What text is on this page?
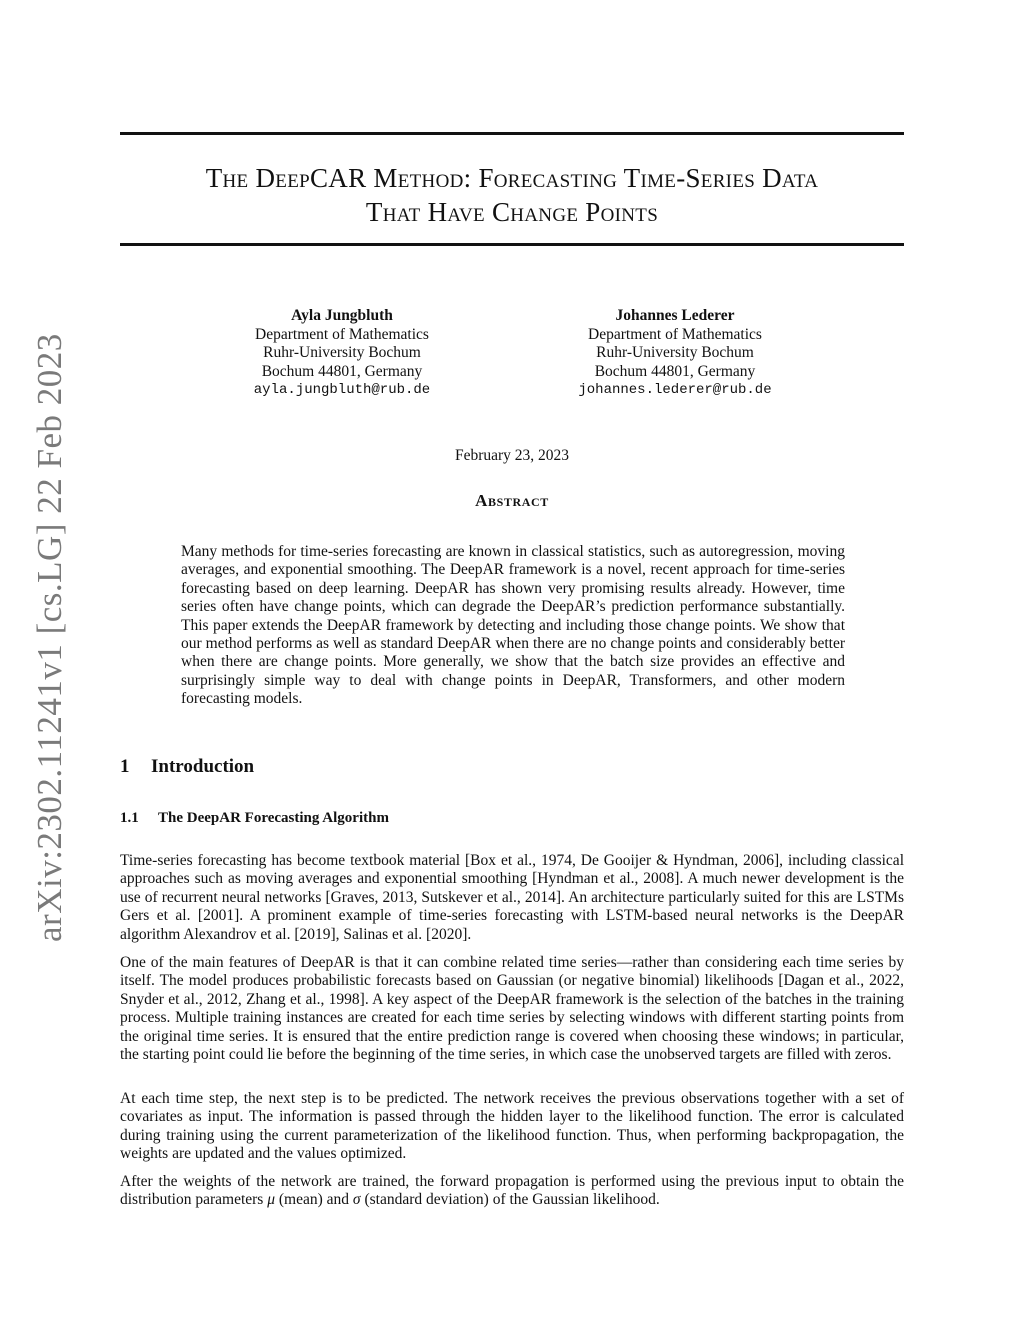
arXiv:2302.11241v1 [cs.LG] 22 Feb 2023
The DeepCAR Method: Forecasting Time-Series Data
That Have Change Points
Ayla Jungbluth
Department of Mathematics
Ruhr-University Bochum
Bochum 44801, Germany
ayla.jungbluth@rub.de
Johannes Lederer
Department of Mathematics
Ruhr-University Bochum
Bochum 44801, Germany
johannes.lederer@rub.de
February 23, 2023
Abstract

Many methods for time-series forecasting are known in classical statistics, such as autoregression, moving averages, and exponential smoothing. The DeepAR framework is a novel, recent approach for time-series forecasting based on deep learning. DeepAR has shown very promising results already. However, time series often have change points, which can degrade the DeepAR’s prediction performance substantially. This paper extends the DeepAR framework by detecting and including those change points. We show that our method performs as well as standard DeepAR when there are no change points and considerably better when there are change points. More generally, we show that the batch size provides an effective and surprisingly simple way to deal with change points in DeepAR, Transformers, and other modern forecasting models.

1 Introduction
1.1 The DeepAR Forecasting Algorithm

Time-series forecasting has become textbook material [Box et al., 1974, De Gooijer & Hyndman, 2006], including classical approaches such as moving averages and exponential smoothing [Hyndman et al., 2008]. A much newer development is the use of recurrent neural networks [Graves, 2013, Sutskever et al., 2014]. An architecture particularly suited for this are LSTMs Gers et al. [2001]. A prominent example of time-series forecasting with LSTM-based neural networks is the DeepAR algorithm Alexandrov et al. [2019], Salinas et al. [2020].

One of the main features of DeepAR is that it can combine related time series—rather than considering each time series by itself. The model produces probabilistic forecasts based on Gaussian (or negative binomial) likelihoods [Dagan et al., 2022, Snyder et al., 2012, Zhang et al., 1998]. A key aspect of the DeepAR framework is the selection of the batches in the training process. Multiple training instances are created for each time series by selecting windows with different starting points from the original time series. It is ensured that the entire prediction range is covered when choosing these windows; in particular, the starting point could lie before the beginning of the time series, in which case the unobserved targets are filled with zeros.

At each time step, the next step is to be predicted. The network receives the previous observations together with a set of covariates as input. The information is passed through the hidden layer to the likelihood function. The error is calculated during training using the current parameterization of the likelihood function. Thus, when performing backpropagation, the weights are updated and the values optimized.

After the weights of the network are trained, the forward propagation is performed using the previous input to obtain the distribution parameters μ (mean) and σ (standard deviation) of the Gaussian likelihood.
